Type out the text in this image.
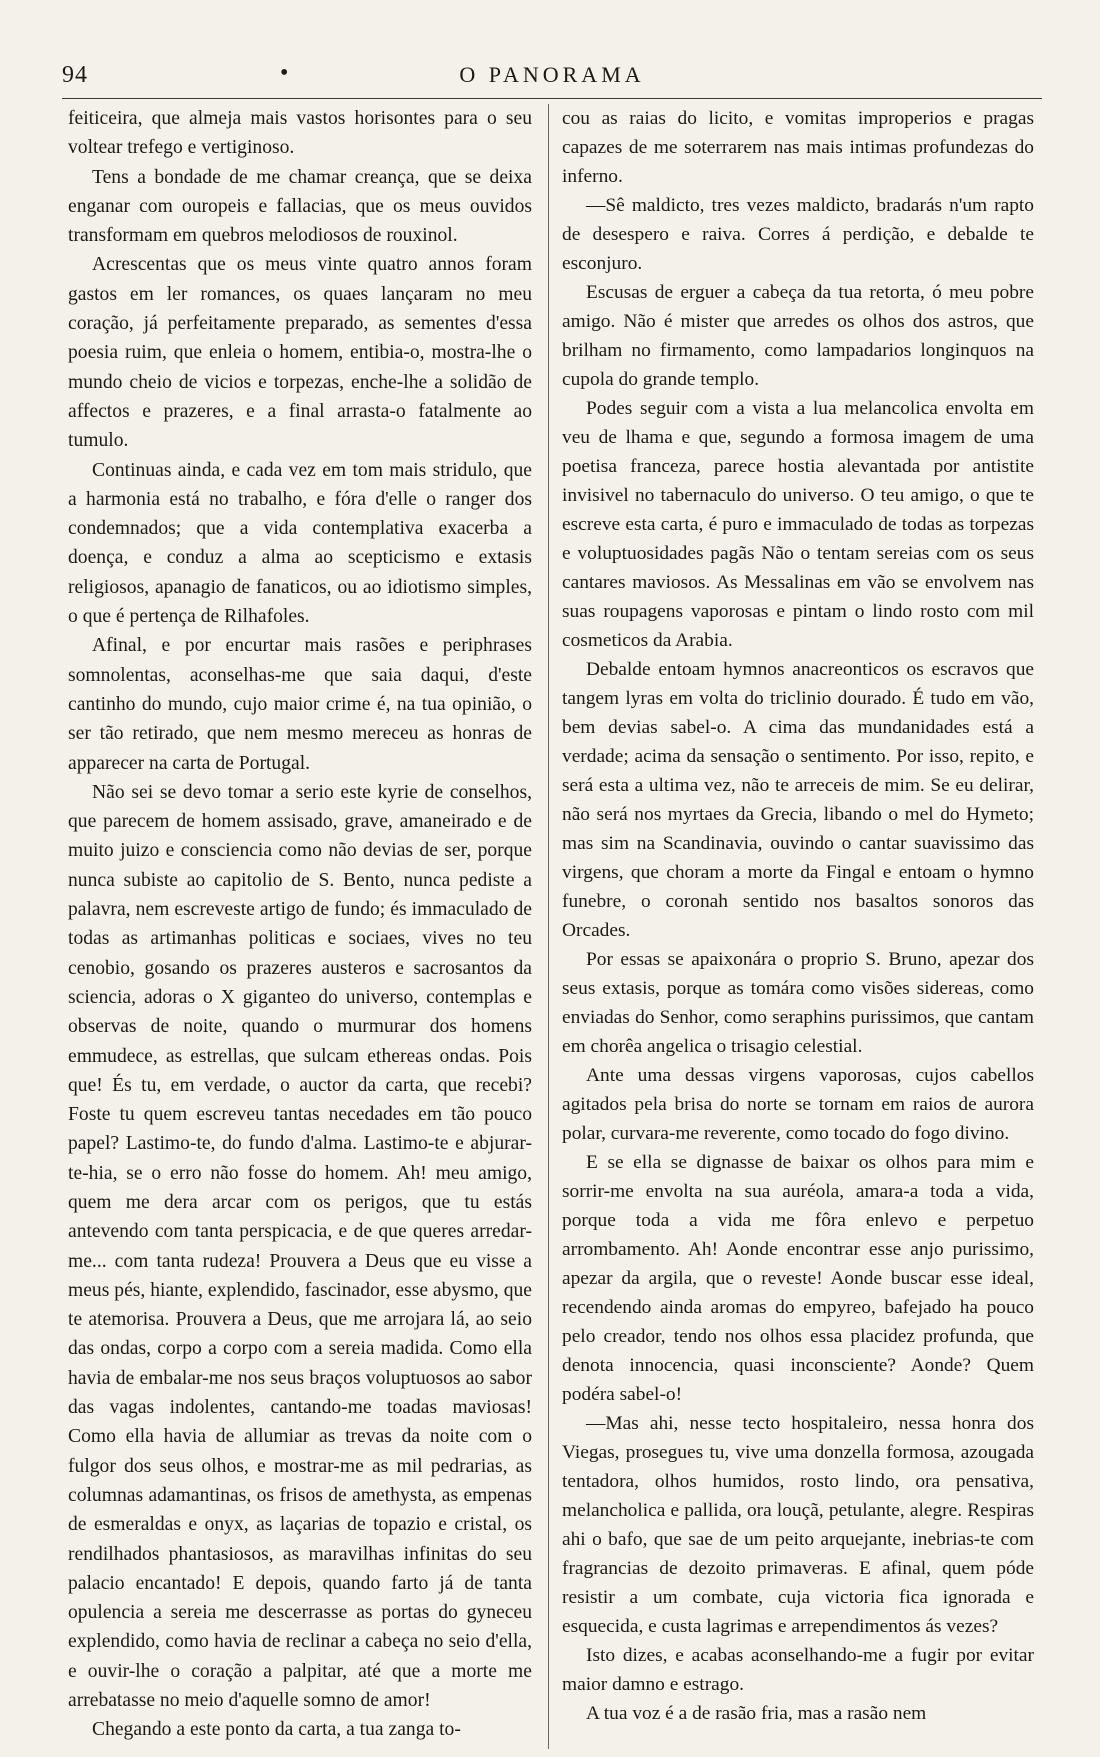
94	•	O PANORAMA

feiticeira, que almeja mais vastos horisontes para o seu voltear trefego e vertiginoso.

Tens a bondade de me chamar creança, que se deixa enganar com ouropeis e fallacias, que os meus ouvidos transformam em quebros melodiosos de rouxinol.

Acrescentas que os meus vinte quatro annos foram gastos em ler romances, os quaes lançaram no meu coração, já perfeitamente preparado, as sementes d'essa poesia ruim, que enleia o homem, entibia-o, mostra-lhe o mundo cheio de vicios e torpezas, enche-lhe a solidão de affectos e prazeres, e a final arrasta-o fatalmente ao tumulo.

Continuas ainda, e cada vez em tom mais stridulo, que a harmonia está no trabalho, e fóra d'elle o ranger dos condemnados; que a vida contemplativa exacerba a doença, e conduz a alma ao scepticismo e extasis religiosos, apanagio de fanaticos, ou ao idiotismo simples, o que é pertença de Rilhafoles.

Afinal, e por encurtar mais rasões e periphrases somnolentas, aconselhas-me que saia daqui, d'este cantinho do mundo, cujo maior crime é, na tua opinião, o ser tão retirado, que nem mesmo mereceu as honras de apparecer na carta de Portugal.

Não sei se devo tomar a serio este kyrie de conselhos, que parecem de homem assisado, grave, amaneirado e de muito juizo e consciencia como não devias de ser, porque nunca subiste ao capitolio de S. Bento, nunca pediste a palavra, nem escreveste artigo de fundo; és immaculado de todas as artimanhas politicas e sociaes, vives no teu cenobio, gosando os prazeres austeros e sacrosantos da sciencia, adoras o X giganteo do universo, contemplas e observas de noite, quando o murmurar dos homens emmudece, as estrellas, que sulcam ethereas ondas. Pois que! És tu, em verdade, o auctor da carta, que recebi? Foste tu quem escreveu tantas necedades em tão pouco papel? Lastimo-te, do fundo d'alma. Lastimo-te e abjurar-te-hia, se o erro não fosse do homem. Ah! meu amigo, quem me dera arcar com os perigos, que tu estás antevendo com tanta perspicacia, e de que queres arredar-me... com tanta rudeza! Prouvera a Deus que eu visse a meus pés, hiante, explendido, fascinador, esse abysmo, que te atemorisa. Prouvera a Deus, que me arrojara lá, ao seio das ondas, corpo a corpo com a sereia madida. Como ella havia de embalar-me nos seus braços voluptuosos ao sabor das vagas indolentes, cantando-me toadas maviosas! Como ella havia de allumiar as trevas da noite com o fulgor dos seus olhos, e mostrar-me as mil pedrarias, as columnas adamantinas, os frisos de amethysta, as empenas de esmeraldas e onyx, as laçarias de topazio e cristal, os rendilhados phantasiosos, as maravilhas infinitas do seu palacio encantado! E depois, quando farto já de tanta opulencia a sereia me descerrasse as portas do gyneceu explendido, como havia de reclinar a cabeça no seio d'ella, e ouvir-lhe o coração a palpitar, até que a morte me arrebatasse no meio d'aquelle somno de amor!

Chegando a este ponto da carta, a tua zanga to-

cou as raias do licito, e vomitas improperios e pragas capazes de me soterrarem nas mais intimas profundezas do inferno.

—Sê maldicto, tres vezes maldicto, bradarás n'um rapto de desespero e raiva. Corres á perdição, e debalde te esconjuro.

Escusas de erguer a cabeça da tua retorta, ó meu pobre amigo. Não é mister que arredes os olhos dos astros, que brilham no firmamento, como lampadarios longinquos na cupola do grande templo.

Podes seguir com a vista a lua melancolica envolta em veu de lhama e que, segundo a formosa imagem de uma poetisa franceza, parece hostia alevantada por antistite invisivel no tabernaculo do universo. O teu amigo, o que te escreve esta carta, é puro e immaculado de todas as torpezas e voluptuosidades pagãs Não o tentam sereias com os seus cantares maviosos. As Messalinas em vão se envolvem nas suas roupagens vaporosas e pintam o lindo rosto com mil cosmeticos da Arabia.

Debalde entoam hymnos anacreonticos os escravos que tangem lyras em volta do triclinio dourado. É tudo em vão, bem devias sabel-o. A cima das mundanidades está a verdade; acima da sensação o sentimento. Por isso, repito, e será esta a ultima vez, não te arreceis de mim. Se eu delirar, não será nos myrtaes da Grecia, libando o mel do Hymeto; mas sim na Scandinavia, ouvindo o cantar suavissimo das virgens, que choram a morte da Fingal e entoam o hymno funebre, o coronah sentido nos basaltos sonoros das Orcades.

Por essas se apaixonára o proprio S. Bruno, apezar dos seus extasis, porque as tomára como visões sidereas, como enviadas do Senhor, como seraphins purissimos, que cantam em chorêa angelica o trisagio celestial.

Ante uma dessas virgens vaporosas, cujos cabellos agitados pela brisa do norte se tornam em raios de aurora polar, curvara-me reverente, como tocado do fogo divino.

E se ella se dignasse de baixar os olhos para mim e sorrir-me envolta na sua auréola, amara-a toda a vida, porque toda a vida me fôra enlevo e perpetuo arrombamento. Ah! Aonde encontrar esse anjo purissimo, apezar da argila, que o reveste! Aonde buscar esse ideal, recendendo ainda aromas do empyreo, bafejado ha pouco pelo creador, tendo nos olhos essa placidez profunda, que denota innocencia, quasi inconsciente? Aonde? Quem podéra sabel-o!

—Mas ahi, nesse tecto hospitaleiro, nessa honra dos Viegas, prosegues tu, vive uma donzella formosa, azougada tentadora, olhos humidos, rosto lindo, ora pensativa, melancholica e pallida, ora louçã, petulante, alegre. Respiras ahi o bafo, que sae de um peito arquejante, inebrias-te com fragrancias de dezoito primaveras. E afinal, quem póde resistir a um combate, cuja victoria fica ignorada e esquecida, e custa lagrimas e arrependimentos ás vezes?

Isto dizes, e acabas aconselhando-me a fugir por evitar maior damno e estrago.

A tua voz é a de rasão fria, mas a rasão nem
